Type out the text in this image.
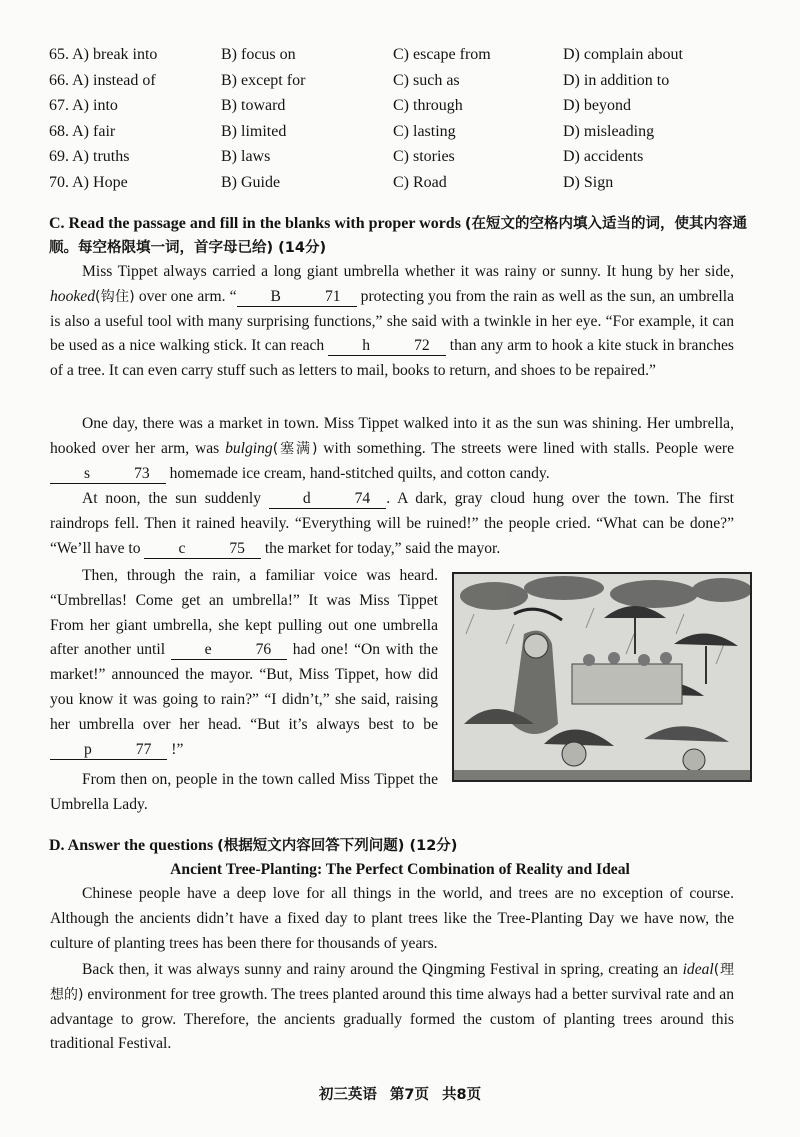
65. A) break into	B) focus on	C) escape from	D) complain about
66. A) instead of	B) except for	C) such as	D) in addition to
67. A) into	B) toward	C) through	D) beyond
68. A) fair	B) limited	C) lasting	D) misleading
69. A) truths	B) laws	C) stories	D) accidents
70. A) Hope	B) Guide	C) Road	D) Sign
C. Read the passage and fill in the blanks with proper words (在短文的空格内填入适当的词，使其内容通顺。每空格限填一词，首字母已给) (14分)

Miss Tippet always carried a long giant umbrella whether it was rainy or sunny. It hung by her side, hooked(钩住) over one arm. “ B	71 protecting you from the rain as well as the sun, an umbrella is also a useful tool with many surprising functions,” she said with a twinkle in her eye. “For example, it can be used as a nice walking stick. It can reach h	72 than any arm to hook a kite stuck in branches of a tree. It can even carry stuff such as letters to mail, books to return, and shoes to be repaired.”

One day, there was a market in town. Miss Tippet walked into it as the sun was shining. Her umbrella, hooked over her arm, was bulging(塞满) with something. The streets were lined with stalls. People were s	73 homemade ice cream, hand-stitched quilts, and cotton candy.

At noon, the sun suddenly d	74 . A dark, gray cloud hung over the town. The first raindrops fell. Then it rained heavily. “Everything will be ruined!” the people cried. “What can be done?” “We’ll have to c	75 the market for today,” said the mayor.

Then, through the rain, a familiar voice was heard. “Umbrellas! Come get an umbrella!” It was Miss Tippet From her giant umbrella, she kept pulling out one umbrella after another until e	76 had one! “On with the market!” announced the mayor. “But, Miss Tippet, how did you know it was going to rain?” “I didn’t,” she said, raising her umbrella over her head. “But it’s always best to be p	77 !”

From then on, people in the town called Miss Tippet the Umbrella Lady.

D. Answer the questions (根据短文内容回答下列问题) (12分)
Ancient Tree-Planting: The Perfect Combination of Reality and Ideal

Chinese people have a deep love for all things in the world, and trees are no exception of course. Although the ancients didn’t have a fixed day to plant trees like the Tree-Planting Day we have now, the culture of planting trees has been there for thousands of years.

Back then, it was always sunny and rainy around the Qingming Festival in spring, creating an ideal(理想的) environment for tree growth. The trees planted around this time always had a better survival rate and an advantage to grow. Therefore, the ancients gradually formed the custom of planting trees around this traditional Festival.

初三英语 第7页 共8页
